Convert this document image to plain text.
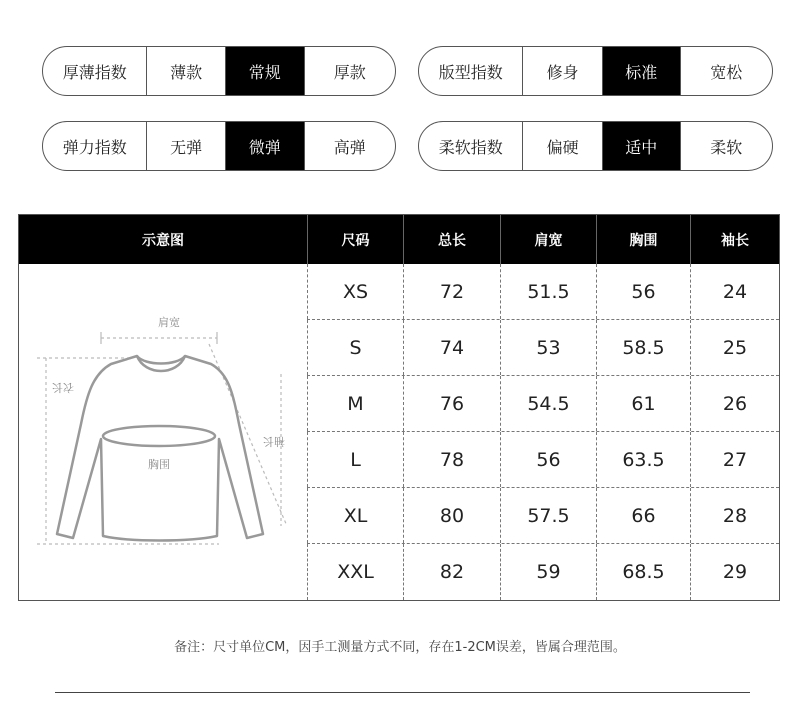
厚薄指数	薄款	常规	厚款	版型指数	修身	标准	宽松
弹力指数	无弹	微弹	高弹	柔软指数	偏硬	适中	柔软
示意图	尺码	总长	肩宽	胸围	袖长
肩宽
胸围
衣长
袖长
XS	72	51.5	56	24
S	74	53	58.5	25
M	76	54.5	61	26
L	78	56	63.5	27
XL	80	57.5	66	28
XXL	82	59	68.5	29
备注：尺寸单位CM，因手工测量方式不同，存在1-2CM误差，皆属合理范围。
